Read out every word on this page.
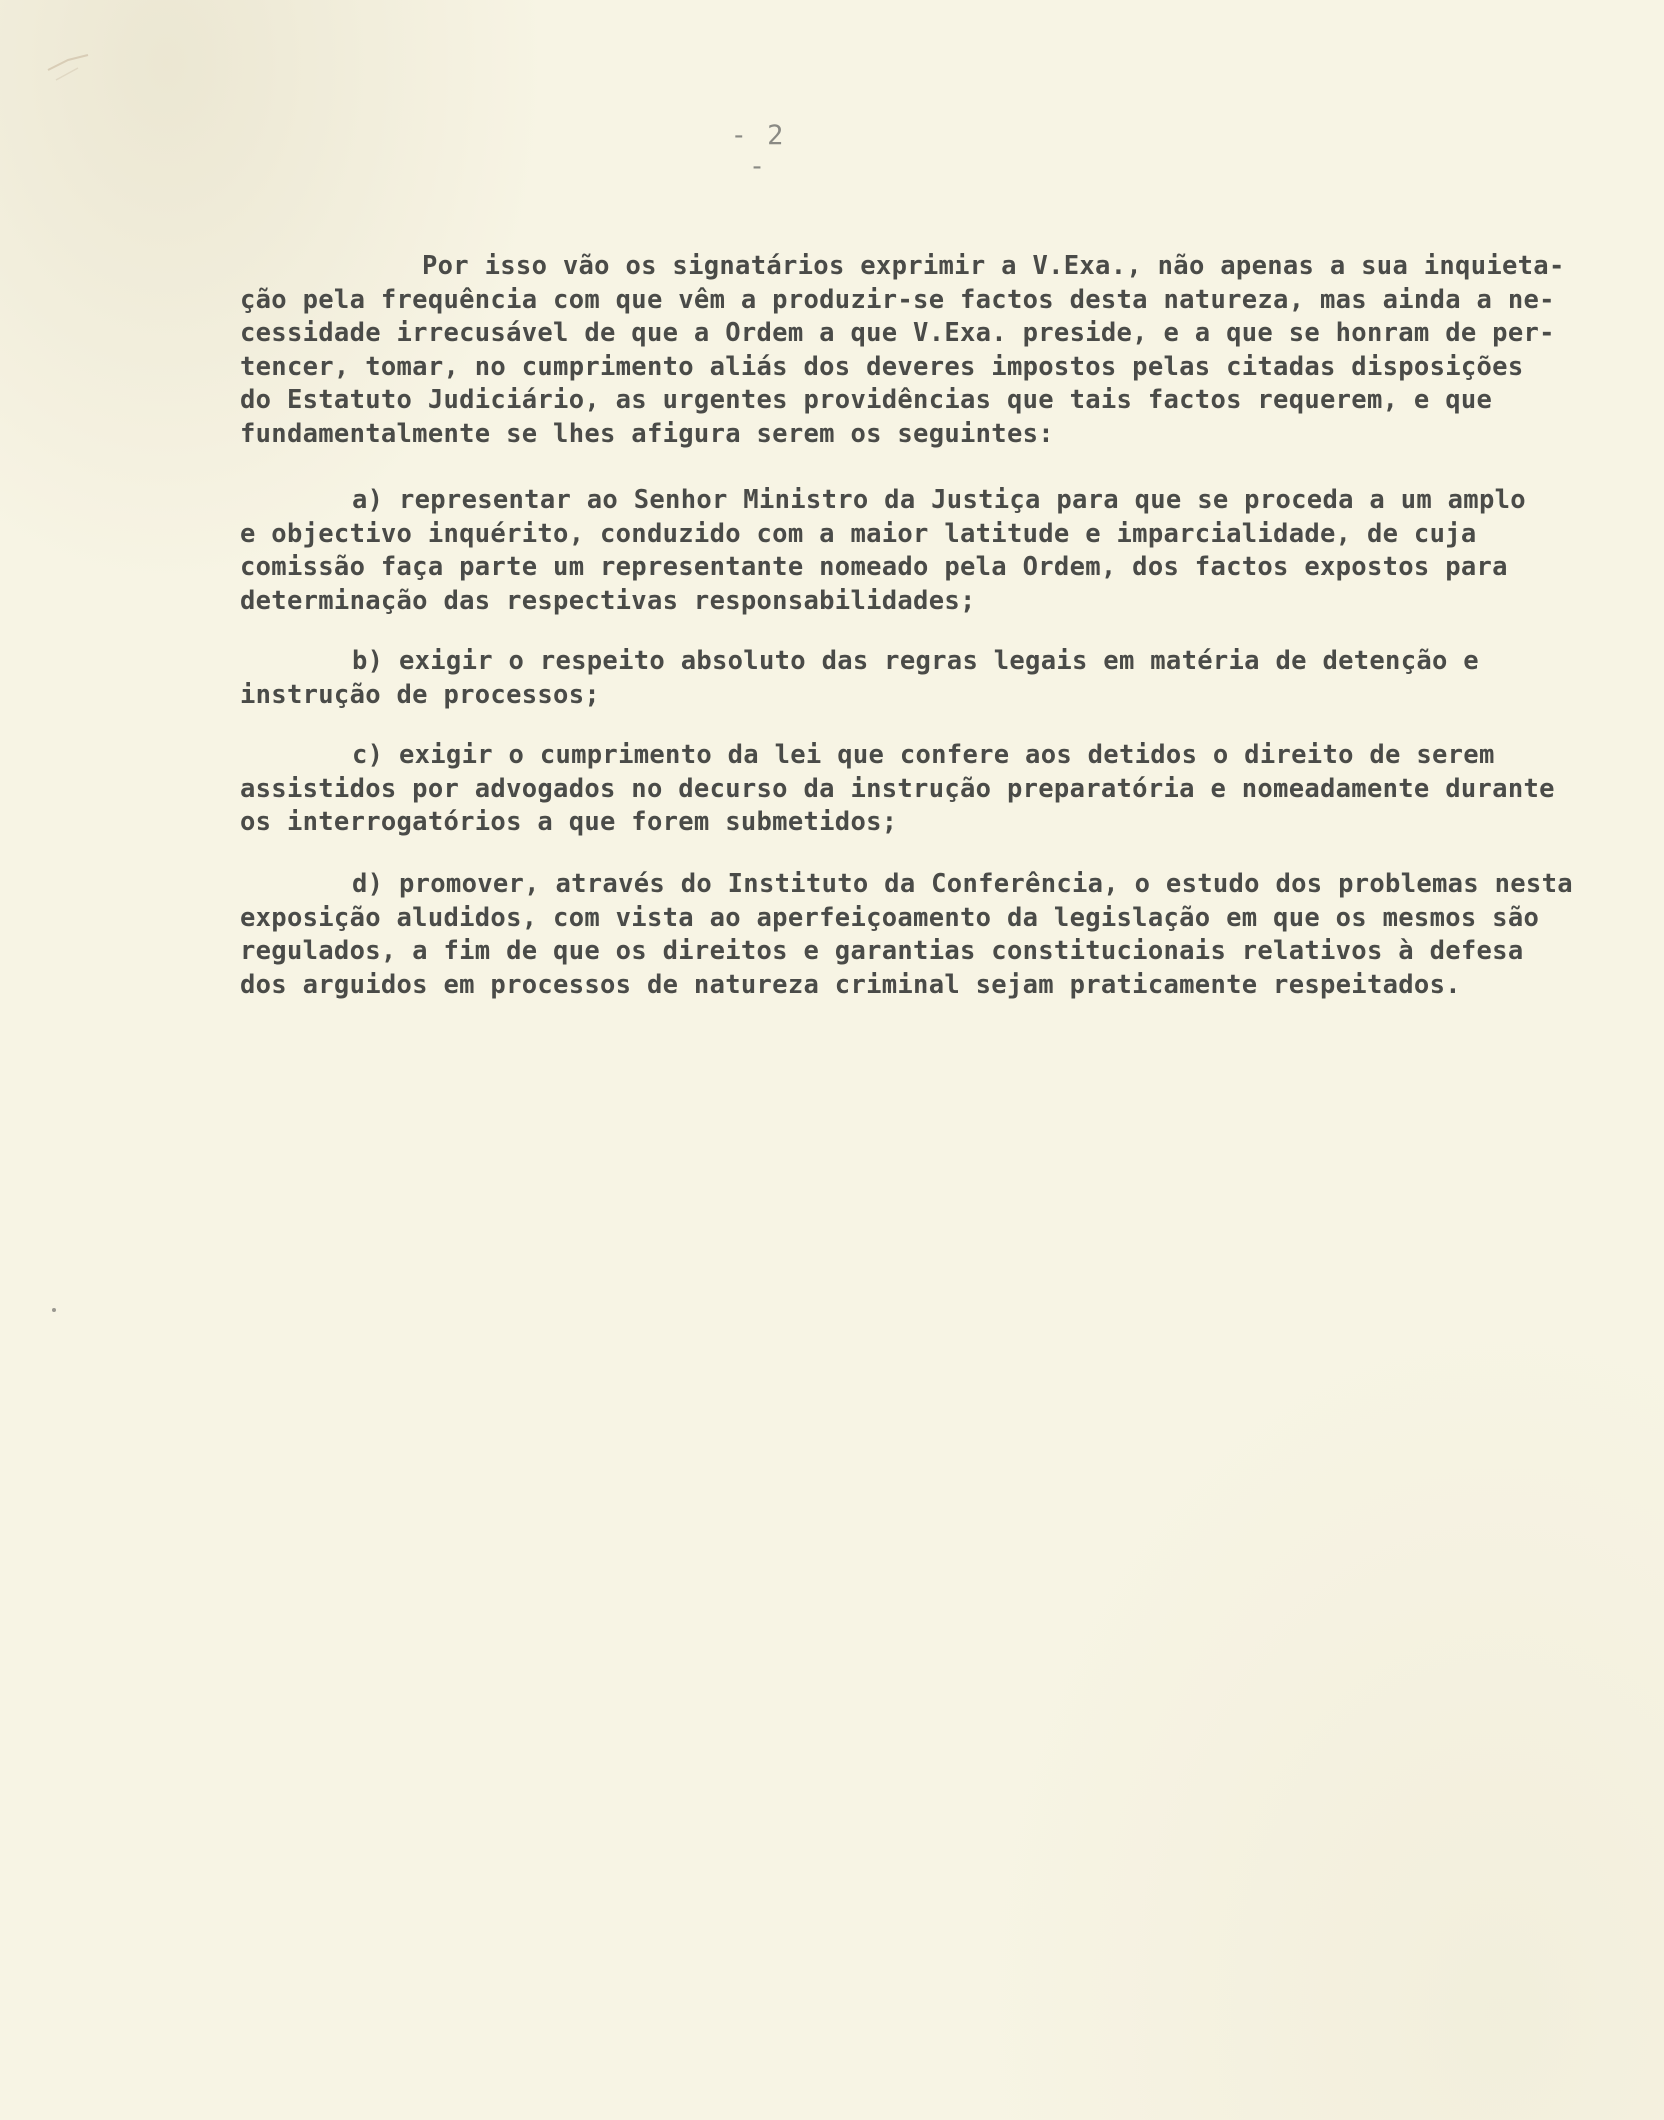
- 2 -
Por isso vão os signatários exprimir a V.Exa., não apenas a sua inquieta-
ção pela frequência com que vêm a produzir-se factos desta natureza, mas ainda a ne-
cessidade irrecusável de que a Ordem a que V.Exa. preside, e a que se honram de per-
tencer, tomar, no cumprimento aliás dos deveres impostos pelas citadas disposições
do Estatuto Judiciário, as urgentes providências que tais factos requerem, e que
fundamentalmente se lhes afigura serem os seguintes:
a) representar ao Senhor Ministro da Justiça para que se proceda a um amplo
e objectivo inquérito, conduzido com a maior latitude e imparcialidade, de cuja
comissão faça parte um representante nomeado pela Ordem, dos factos expostos para
determinação das respectivas responsabilidades;
b) exigir o respeito absoluto das regras legais em matéria de detenção e
instrução de processos;
c) exigir o cumprimento da lei que confere aos detidos o direito de serem
assistidos por advogados no decurso da instrução preparatória e nomeadamente durante
os interrogatórios a que forem submetidos;
d) promover, através do Instituto da Conferência, o estudo dos problemas nesta
exposição aludidos, com vista ao aperfeiçoamento da legislação em que os mesmos são
regulados, a fim de que os direitos e garantias constitucionais relativos à defesa
dos arguidos em processos de natureza criminal sejam praticamente respeitados.
